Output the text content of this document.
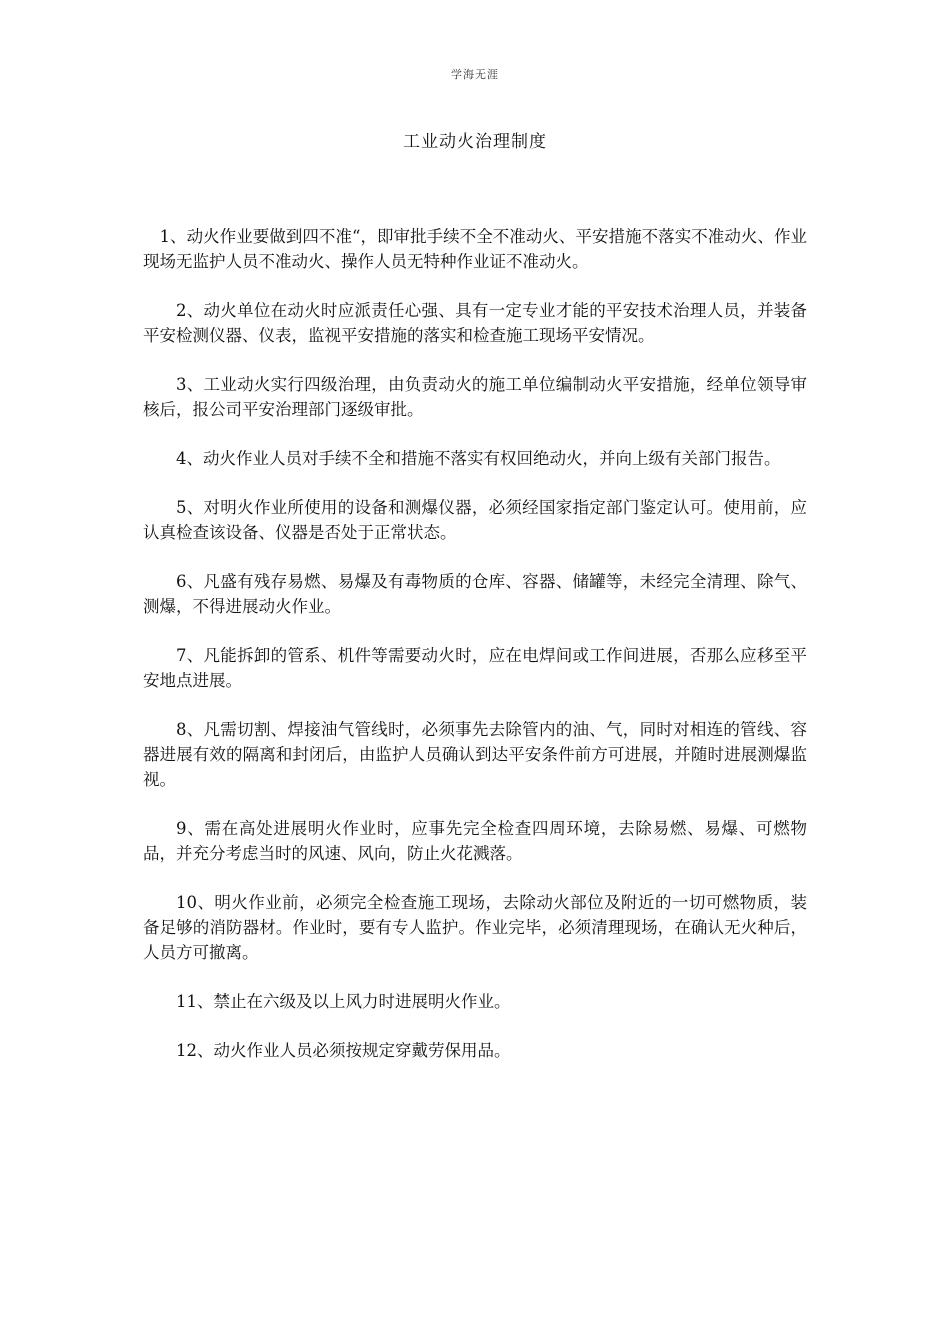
学海无涯
工业动火治理制度

1、动火作业要做到四不准“，即审批手续不全不准动火、平安措施不落实不准动火、作业现场无监护人员不准动火、操作人员无特种作业证不准动火。

2、动火单位在动火时应派责任心强、具有一定专业才能的平安技术治理人员，并装备平安检测仪器、仪表，监视平安措施的落实和检查施工现场平安情况。

3、工业动火实行四级治理，由负责动火的施工单位编制动火平安措施，经单位领导审核后，报公司平安治理部门逐级审批。

4、动火作业人员对手续不全和措施不落实有权回绝动火，并向上级有关部门报告。

5、对明火作业所使用的设备和测爆仪器，必须经国家指定部门鉴定认可。使用前，应认真检查该设备、仪器是否处于正常状态。

6、凡盛有残存易燃、易爆及有毒物质的仓库、容器、储罐等，未经完全清理、除气、测爆，不得进展动火作业。

7、凡能拆卸的管系、机件等需要动火时，应在电焊间或工作间进展，否那么应移至平安地点进展。

8、凡需切割、焊接油气管线时，必须事先去除管内的油、气，同时对相连的管线、容器进展有效的隔离和封闭后，由监护人员确认到达平安条件前方可进展，并随时进展测爆监视。

9、需在高处进展明火作业时，应事先完全检查四周环境，去除易燃、易爆、可燃物品，并充分考虑当时的风速、风向，防止火花溅落。

10、明火作业前，必须完全检查施工现场，去除动火部位及附近的一切可燃物质，装备足够的消防器材。作业时，要有专人监护。作业完毕，必须清理现场，在确认无火种后，人员方可撤离。

11、禁止在六级及以上风力时进展明火作业。

12、动火作业人员必须按规定穿戴劳保用品。
